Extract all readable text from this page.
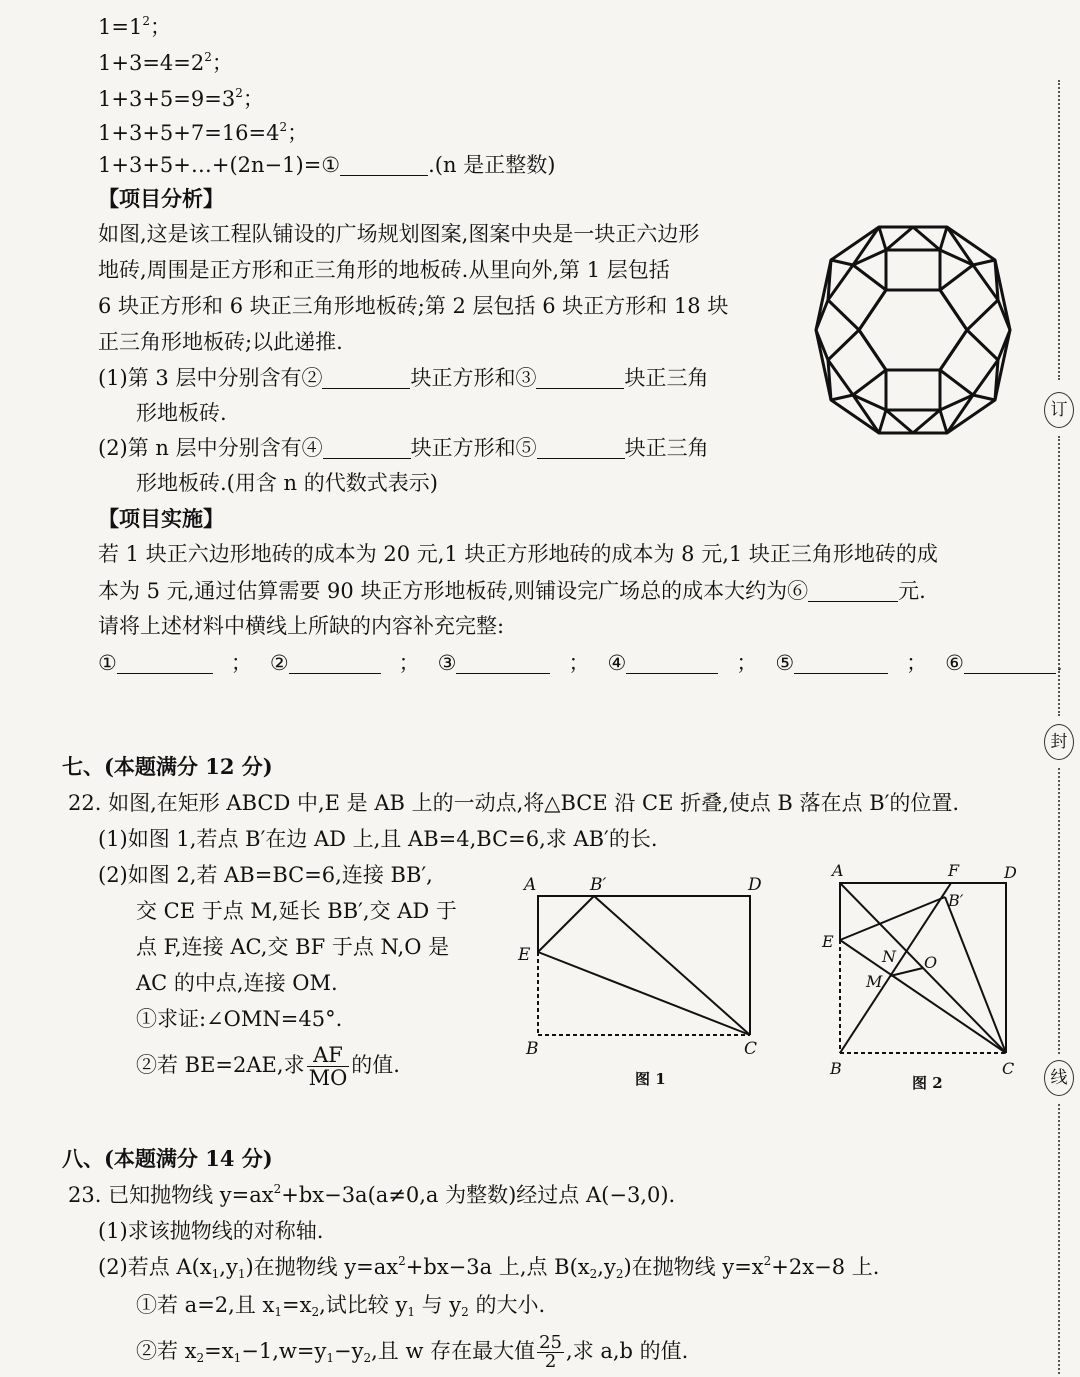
$1=1^2$；
$1+3=4=2^2$；
$1+3+5=9=3^2$；
$1+3+5+7=16=4^2$；
1+3+5+…+(2n−1)=①	.(n 是正整数)
【项目分析】
如图,这是该工程队铺设的广场规划图案,图案中央是一块正六边形
地砖,周围是正方形和正三角形的地板砖.从里向外,第 1 层包括
6 块正方形和 6 块正三角形地板砖;第 2 层包括 6 块正方形和 18 块
正三角形地板砖;以此递推.
(1)第 3 层中分别含有②	块正方形和③	块正三角
形地板砖.
(2)第 n 层中分别含有④	块正方形和⑤	块正三角
形地板砖.(用含 n 的代数式表示)
【项目实施】
若 1 块正六边形地砖的成本为 20 元,1 块正方形地砖的成本为 8 元,1 块正三角形地砖的成
本为 5 元,通过估算需要 90 块正方形地板砖,则铺设完广场总的成本大约为⑥	元.
请将上述材料中横线上所缺的内容补充完整:
①	； ②	； ③	； ④	； ⑤	； ⑥	.
七、(本题满分 12 分)
22. 如图,在矩形 ABCD 中,E 是 AB 上的一动点,将△BCE 沿 CE 折叠,使点 B 落在点 B′的位置.
(1)如图 1,若点 B′在边 AD 上,且 AB=4,BC=6,求 AB′的长.
(2)如图 2,若 AB=BC=6,连接 BB′,
交 CE 于点 M,延长 BB′,交 AD 于
点 F,连接 AC,交 BF 于点 N,O 是
AC 的中点,连接 OM.
①求证:∠OMN=45°.
②若 BE=2AE,求 $\frac{AF}{MO}$ 的值.
A	B′	D
E
B	C
图 1
A	F	D
B′
E
N O
M
B	C
图 2
八、(本题满分 14 分)
23. 已知抛物线 $y=ax^2+bx-3a(a\ne 0,a$ 为整数)经过点 A(−3,0).
(1)求该抛物线的对称轴.
(2)若点 $A(x_1,y_1)$在抛物线 $y=ax^2+bx-3a$ 上,点 $B(x_2,y_2)$在抛物线 $y=x^2+2x-8$ 上.
①若 a=2,且 $x_1=x_2$,试比较 $y_1$ 与 $y_2$ 的大小.
②若 $x_2=x_1-1,w=y_1-y_2$,且 w 存在最大值 $\frac{25}{2}$ ,求 a,b 的值.
订
封
线
